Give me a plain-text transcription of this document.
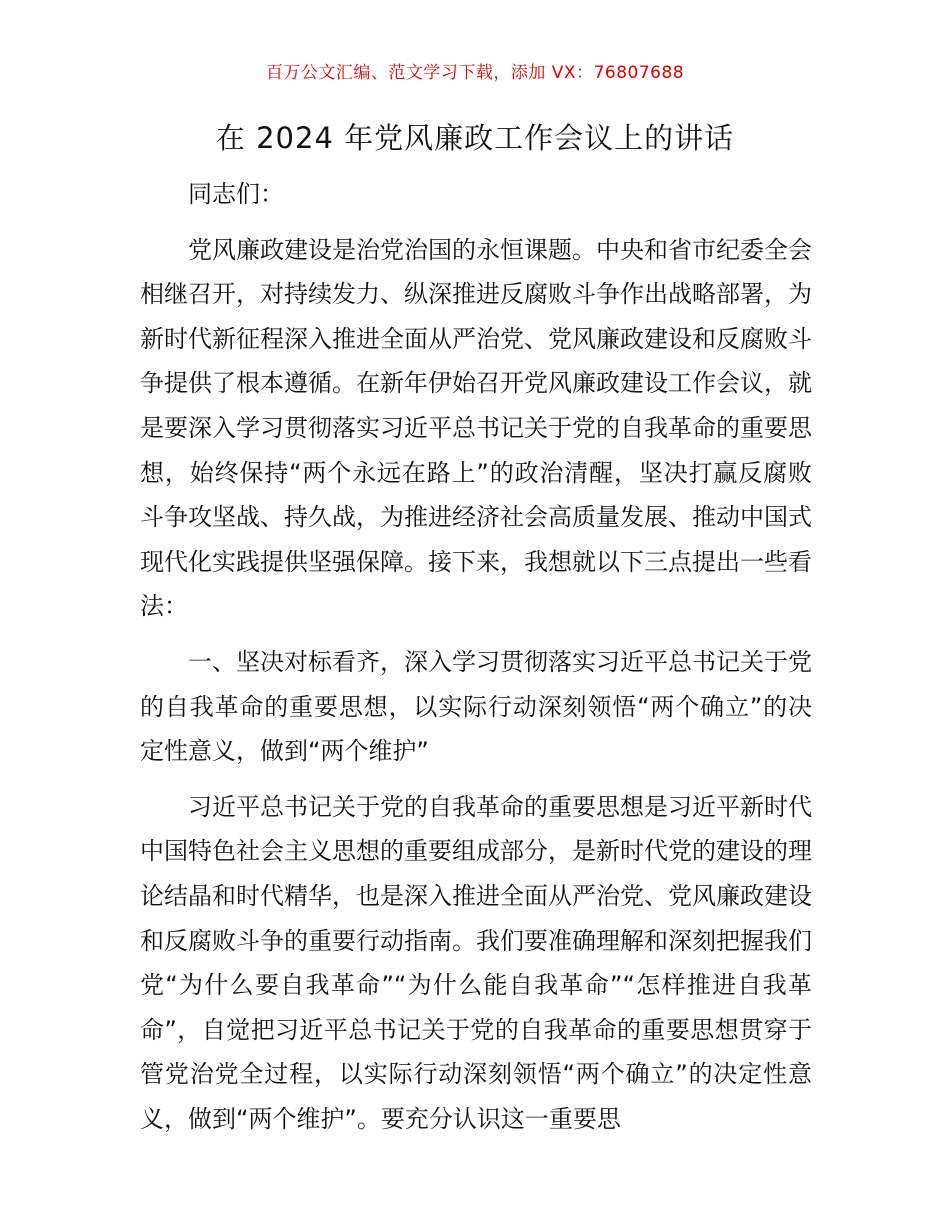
百万公文汇编、范文学习下载，添加 VX：76807688
在 2024 年党风廉政工作会议上的讲话

同志们：

党风廉政建设是治党治国的永恒课题。中央和省市纪委全会相继召开，对持续发力、纵深推进反腐败斗争作出战略部署，为新时代新征程深入推进全面从严治党、党风廉政建设和反腐败斗争提供了根本遵循。在新年伊始召开党风廉政建设工作会议，就是要深入学习贯彻落实习近平总书记关于党的自我革命的重要思想，始终保持“两个永远在路上”的政治清醒，坚决打赢反腐败斗争攻坚战、持久战，为推进经济社会高质量发展、推动中国式现代化实践提供坚强保障。接下来，我想就以下三点提出一些看法：

一、坚决对标看齐，深入学习贯彻落实习近平总书记关于党的自我革命的重要思想，以实际行动深刻领悟“两个确立”的决定性意义，做到“两个维护”

习近平总书记关于党的自我革命的重要思想是习近平新时代中国特色社会主义思想的重要组成部分，是新时代党的建设的理论结晶和时代精华，也是深入推进全面从严治党、党风廉政建设和反腐败斗争的重要行动指南。我们要准确理解和深刻把握我们党“为什么要自我革命”“为什么能自我革命”“怎样推进自我革命”，自觉把习近平总书记关于党的自我革命的重要思想贯穿于管党治党全过程，以实际行动深刻领悟“两个确立”的决定性意义，做到“两个维护”。要充分认识这一重要思
